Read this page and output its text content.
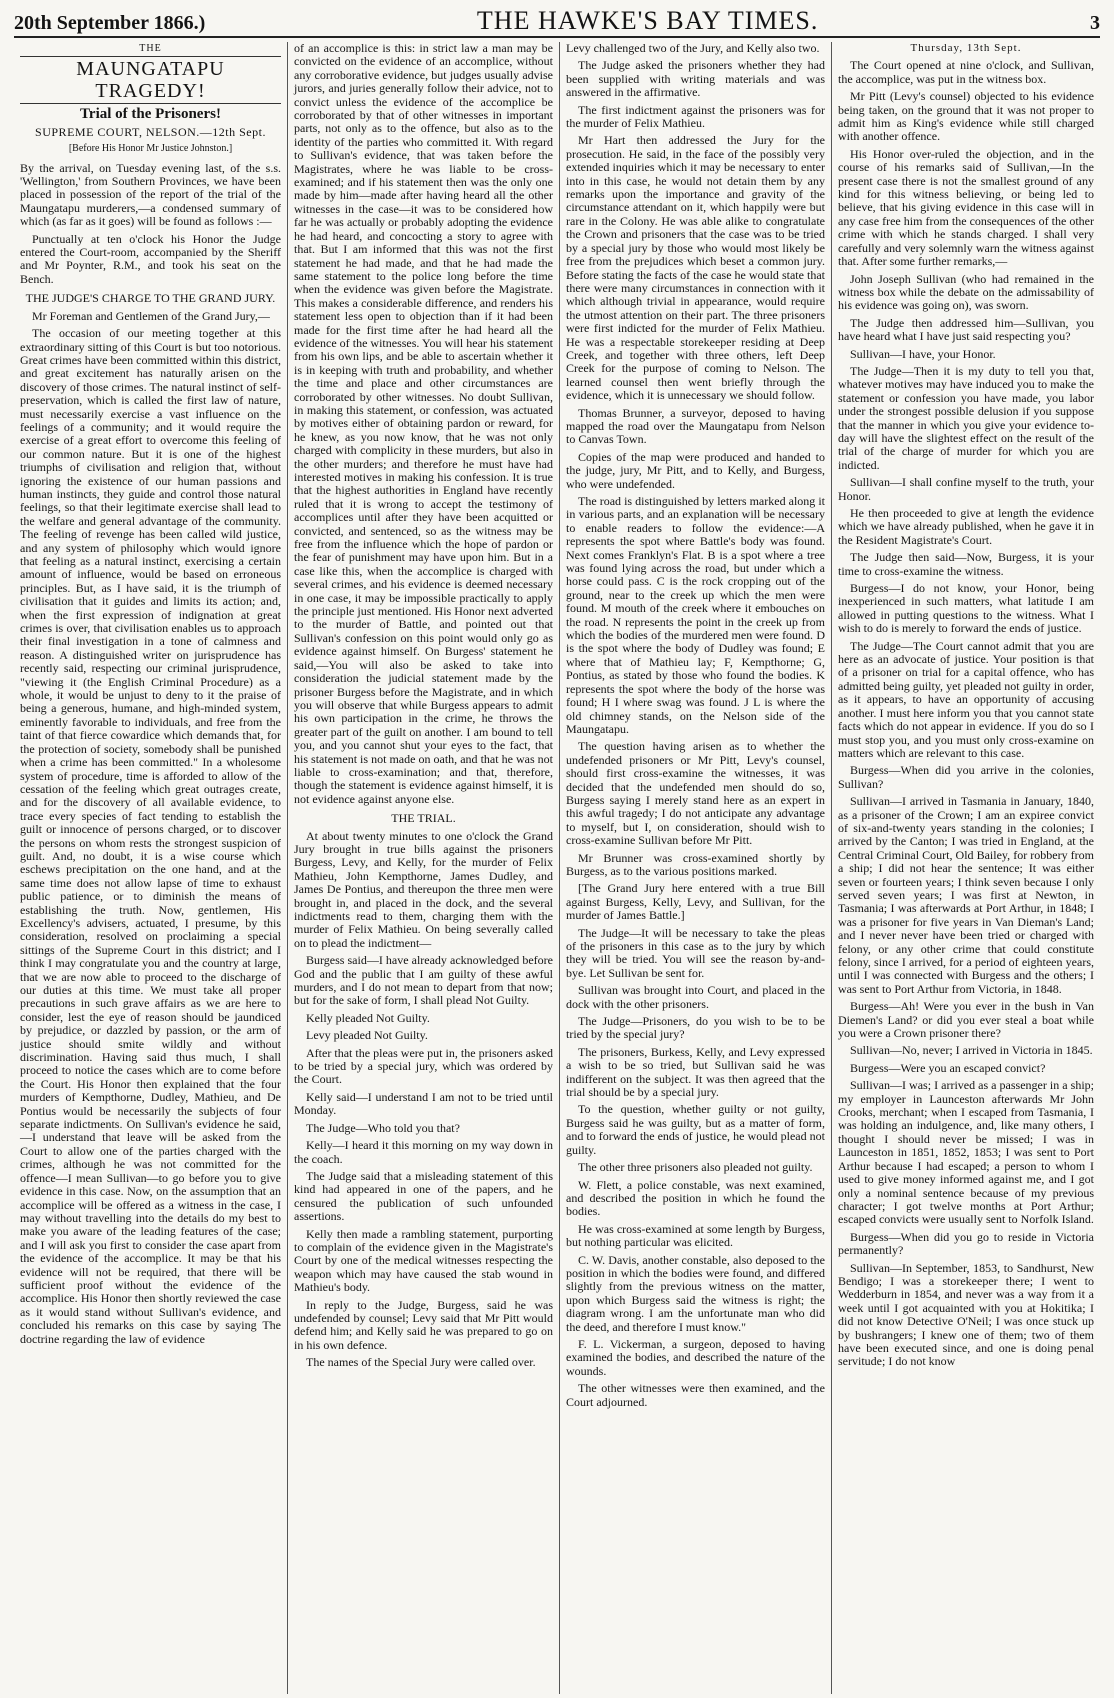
20th September 1866.)	THE HAWKE'S BAY TIMES.	3
THE
MAUNGATAPU TRAGEDY!
Trial of the Prisoners!
SUPREME COURT, NELSON.—12th Sept.
[Before His Honor Mr Justice Johnston.]

By the arrival, on Tuesday evening last, of the s.s. 'Wellington,' from Southern Provinces, we have been placed in possession of the report of the trial of the Maungatapu murderers,—a condensed summary of which (as far as it goes) will be found as follows :—

Punctually at ten o'clock his Honor the Judge entered the Court-room, accompanied by the Sheriff and Mr Poynter, R.M., and took his seat on the Bench.

THE JUDGE'S CHARGE TO THE GRAND JURY.

Mr Foreman and Gentlemen of the Grand Jury,—

The occasion of our meeting together at this extraordinary sitting of this Court is but too notorious. Great crimes have been committed within this district, and great excitement has naturally arisen on the discovery of those crimes. The natural instinct of self-preservation, which is called the first law of nature, must necessarily exercise a vast influence on the feelings of a community; and it would require the exercise of a great effort to overcome this feeling of our common nature. But it is one of the highest triumphs of civilisation and religion that, without ignoring the existence of our human passions and human instincts, they guide and control those natural feelings, so that their legitimate exercise shall lead to the welfare and general advantage of the community. The feeling of revenge has been called wild justice, and any system of philosophy which would ignore that feeling as a natural instinct, exercising a certain amount of influence, would be based on erroneous principles. But, as I have said, it is the triumph of civilisation that it guides and limits its action; and, when the first expression of indignation at great crimes is over, that civilisation enables us to approach their final investigation in a tone of calmness and reason. A distinguished writer on jurisprudence has recently said, respecting our criminal jurisprudence, "viewing it (the English Criminal Procedure) as a whole, it would be unjust to deny to it the praise of being a generous, humane, and high-minded system, eminently favorable to individuals, and free from the taint of that fierce cowardice which demands that, for the protection of society, somebody shall be punished when a crime has been committed." In a wholesome system of procedure, time is afforded to allow of the cessation of the feeling which great outrages create, and for the discovery of all available evidence, to trace every species of fact tending to establish the guilt or innocence of persons charged, or to discover the persons on whom rests the strongest suspicion of guilt. And, no doubt, it is a wise course which eschews precipitation on the one hand, and at the same time does not allow lapse of time to exhaust public patience, or to diminish the means of establishing the truth. Now, gentlemen, His Excellency's advisers, actuated, I presume, by this consideration, resolved on proclaiming a special sittings of the Supreme Court in this district; and I think I may congratulate you and the country at large, that we are now able to proceed to the discharge of our duties at this time. We must take all proper precautions in such grave affairs as we are here to consider, lest the eye of reason should be jaundiced by prejudice, or dazzled by passion, or the arm of justice should smite wildly and without discrimination. Having said thus much, I shall proceed to notice the cases which are to come before the Court. His Honor then explained that the four murders of Kempthorne, Dudley, Mathieu, and De Pontius would be necessarily the subjects of four separate indictments. On Sullivan's evidence he said,—I understand that leave will be asked from the Court to allow one of the parties charged with the crimes, although he was not committed for the offence—I mean Sullivan—to go before you to give evidence in this case. Now, on the assumption that an accomplice will be offered as a witness in the case, I may without travelling into the details do my best to make you aware of the leading features of the case; and I will ask you first to consider the case apart from the evidence of the accomplice. It may be that his evidence will not be required, that there will be sufficient proof without the evidence of the accomplice. His Honor then shortly reviewed the case as it would stand without Sullivan's evidence, and concluded his remarks on this case by saying The doctrine regarding the law of evidence

of an accomplice is this: in strict law a man may be convicted on the evidence of an accomplice, without any corroborative evidence, but judges usually advise jurors, and juries generally follow their advice, not to convict unless the evidence of the accomplice be corroborated by that of other witnesses in important parts, not only as to the offence, but also as to the identity of the parties who committed it. With regard to Sullivan's evidence, that was taken before the Magistrates, where he was liable to be cross-examined; and if his statement then was the only one made by him—made after having heard all the other witnesses in the case—it was to be considered how far he was actually or probably adopting the evidence he had heard, and concocting a story to agree with that. But I am informed that this was not the first statement he had made, and that he had made the same statement to the police long before the time when the evidence was given before the Magistrate. This makes a considerable difference, and renders his statement less open to objection than if it had been made for the first time after he had heard all the evidence of the witnesses. You will hear his statement from his own lips, and be able to ascertain whether it is in keeping with truth and probability, and whether the time and place and other circumstances are corroborated by other witnesses. No doubt Sullivan, in making this statement, or confession, was actuated by motives either of obtaining pardon or reward, for he knew, as you now know, that he was not only charged with complicity in these murders, but also in the other murders; and therefore he must have had interested motives in making his confession. It is true that the highest authorities in England have recently ruled that it is wrong to accept the testimony of accomplices until after they have been acquitted or convicted, and sentenced, so as the witness may be free from the influence which the hope of pardon or the fear of punishment may have upon him. But in a case like this, when the accomplice is charged with several crimes, and his evidence is deemed necessary in one case, it may be impossible practically to apply the principle just mentioned. His Honor next adverted to the murder of Battle, and pointed out that Sullivan's confession on this point would only go as evidence against himself. On Burgess' statement he said,—You will also be asked to take into consideration the judicial statement made by the prisoner Burgess before the Magistrate, and in which you will observe that while Burgess appears to admit his own participation in the crime, he throws the greater part of the guilt on another. I am bound to tell you, and you cannot shut your eyes to the fact, that his statement is not made on oath, and that he was not liable to cross-examination; and that, therefore, though the statement is evidence against himself, it is not evidence against anyone else.

THE TRIAL.

At about twenty minutes to one o'clock the Grand Jury brought in true bills against the prisoners Burgess, Levy, and Kelly, for the murder of Felix Mathieu, John Kempthorne, James Dudley, and James De Pontius, and thereupon the three men were brought in, and placed in the dock, and the several indictments read to them, charging them with the murder of Felix Mathieu. On being severally called on to plead the indictment—

Burgess said—I have already acknowledged before God and the public that I am guilty of these awful murders, and I do not mean to depart from that now; but for the sake of form, I shall plead Not Guilty.

Kelly pleaded Not Guilty.

Levy pleaded Not Guilty.

After that the pleas were put in, the prisoners asked to be tried by a special jury, which was ordered by the Court.

Kelly said—I understand I am not to be tried until Monday.

The Judge—Who told you that?

Kelly—I heard it this morning on my way down in the coach.

The Judge said that a misleading statement of this kind had appeared in one of the papers, and he censured the publication of such unfounded assertions.

Kelly then made a rambling statement, purporting to complain of the evidence given in the Magistrate's Court by one of the medical witnesses respecting the weapon which may have caused the stab wound in Mathieu's body.

In reply to the Judge, Burgess, said he was undefended by counsel; Levy said that Mr Pitt would defend him; and Kelly said he was prepared to go on in his own defence.

The names of the Special Jury were called over.

Levy challenged two of the Jury, and Kelly also two.

The Judge asked the prisoners whether they had been supplied with writing materials and was answered in the affirmative.

The first indictment against the prisoners was for the murder of Felix Mathieu.

Mr Hart then addressed the Jury for the prosecution. He said, in the face of the possibly very extended inquiries which it may be necessary to enter into in this case, he would not detain them by any remarks upon the importance and gravity of the circumstance attendant on it, which happily were but rare in the Colony. He was able alike to congratulate the Crown and prisoners that the case was to be tried by a special jury by those who would most likely be free from the prejudices which beset a common jury. Before stating the facts of the case he would state that there were many circumstances in connection with it which although trivial in appearance, would require the utmost attention on their part. The three prisoners were first indicted for the murder of Felix Mathieu. He was a respectable storekeeper residing at Deep Creek, and together with three others, left Deep Creek for the purpose of coming to Nelson. The learned counsel then went briefly through the evidence, which it is unnecessary we should follow.

Thomas Brunner, a surveyor, deposed to having mapped the road over the Maungatapu from Nelson to Canvas Town.

Copies of the map were produced and handed to the judge, jury, Mr Pitt, and to Kelly, and Burgess, who were undefended.

The road is distinguished by letters marked along it in various parts, and an explanation will be necessary to enable readers to follow the evidence:—A represents the spot where Battle's body was found. Next comes Franklyn's Flat. B is a spot where a tree was found lying across the road, but under which a horse could pass. C is the rock cropping out of the ground, near to the creek up which the men were found. M mouth of the creek where it embouches on the road. N represents the point in the creek up from which the bodies of the murdered men were found. D is the spot where the body of Dudley was found; E where that of Mathieu lay; F, Kempthorne; G, Pontius, as stated by those who found the bodies. K represents the spot where the body of the horse was found; H I where swag was found. J L is where the old chimney stands, on the Nelson side of the Maungatapu.

The question having arisen as to whether the undefended prisoners or Mr Pitt, Levy's counsel, should first cross-examine the witnesses, it was decided that the undefended men should do so, Burgess saying I merely stand here as an expert in this awful tragedy; I do not anticipate any advantage to myself, but I, on consideration, should wish to cross-examine Sullivan before Mr Pitt.

Mr Brunner was cross-examined shortly by Burgess, as to the various positions marked.

[The Grand Jury here entered with a true Bill against Burgess, Kelly, Levy, and Sullivan, for the murder of James Battle.]

The Judge—It will be necessary to take the pleas of the prisoners in this case as to the jury by which they will be tried. You will see the reason by-and-bye. Let Sullivan be sent for.

Sullivan was brought into Court, and placed in the dock with the other prisoners.

The Judge—Prisoners, do you wish to be to be tried by the special jury?

The prisoners, Burkess, Kelly, and Levy expressed a wish to be so tried, but Sullivan said he was indifferent on the subject. It was then agreed that the trial should be by a special jury.

To the question, whether guilty or not guilty, Burgess said he was guilty, but as a matter of form, and to forward the ends of justice, he would plead not guilty.

The other three prisoners also pleaded not guilty.

W. Flett, a police constable, was next examined, and described the position in which he found the bodies.

He was cross-examined at some length by Burgess, but nothing particular was elicited.

C. W. Davis, another constable, also deposed to the position in which the bodies were found, and differed slightly from the previous witness on the matter, upon which Burgess said the witness is right; the diagram wrong. I am the unfortunate man who did the deed, and therefore I must know."

F. L. Vickerman, a surgeon, deposed to having examined the bodies, and described the nature of the wounds.

The other witnesses were then examined, and the Court adjourned.

Thursday, 13th Sept.

The Court opened at nine o'clock, and Sullivan, the accomplice, was put in the witness box.

Mr Pitt (Levy's counsel) objected to his evidence being taken, on the ground that it was not proper to admit him as King's evidence while still charged with another offence.

His Honor over-ruled the objection, and in the course of his remarks said of Sullivan,—In the present case there is not the smallest ground of any kind for this witness believing, or being led to believe, that his giving evidence in this case will in any case free him from the consequences of the other crime with which he stands charged. I shall very carefully and very solemnly warn the witness against that. After some further remarks,—

John Joseph Sullivan (who had remained in the witness box while the debate on the admissability of his evidence was going on), was sworn.

The Judge then addressed him—Sullivan, you have heard what I have just said respecting you?

Sullivan—I have, your Honor.

The Judge—Then it is my duty to tell you that, whatever motives may have induced you to make the statement or confession you have made, you labor under the strongest possible delusion if you suppose that the manner in which you give your evidence to-day will have the slightest effect on the result of the trial of the charge of murder for which you are indicted.

Sullivan—I shall confine myself to the truth, your Honor.

He then proceeded to give at length the evidence which we have already published, when he gave it in the Resident Magistrate's Court.

The Judge then said—Now, Burgess, it is your time to cross-examine the witness.

Burgess—I do not know, your Honor, being inexperienced in such matters, what latitude I am allowed in putting questions to the witness. What I wish to do is merely to forward the ends of justice.

The Judge—The Court cannot admit that you are here as an advocate of justice. Your position is that of a prisoner on trial for a capital offence, who has admitted being guilty, yet pleaded not guilty in order, as it appears, to have an opportunity of accusing another. I must here inform you that you cannot state facts which do not appear in evidence. If you do so I must stop you, and you must only cross-examine on matters which are relevant to this case.

Burgess—When did you arrive in the colonies, Sullivan?

Sullivan—I arrived in Tasmania in January, 1840, as a prisoner of the Crown; I am an expiree convict of six-and-twenty years standing in the colonies; I arrived by the Canton; I was tried in England, at the Central Criminal Court, Old Bailey, for robbery from a ship; I did not hear the sentence; It was either seven or fourteen years; I think seven because I only served seven years; I was first at Newton, in Tasmania; I was afterwards at Port Arthur, in 1848; I was a prisoner for five years in Van Dieman's Land; and I never never have been tried or charged with felony, or any other crime that could constitute felony, since I arrived, for a period of eighteen years, until I was connected with Burgess and the others; I was sent to Port Arthur from Victoria, in 1848.

Burgess—Ah! Were you ever in the bush in Van Diemen's Land? or did you ever steal a boat while you were a Crown prisoner there?

Sullivan—No, never; I arrived in Victoria in 1845.

Burgess—Were you an escaped convict?

Sullivan—I was; I arrived as a passenger in a ship; my employer in Launceston afterwards Mr John Crooks, merchant; when I escaped from Tasmania, I was holding an indulgence, and, like many others, I thought I should never be missed; I was in Launceston in 1851, 1852, 1853; I was sent to Port Arthur because I had escaped; a person to whom I used to give money informed against me, and I got only a nominal sentence because of my previous character; I got twelve months at Port Arthur; escaped convicts were usually sent to Norfolk Island.

Burgess—When did you go to reside in Victoria permanently?

Sullivan—In September, 1853, to Sandhurst, New Bendigo; I was a storekeeper there; I went to Wedderburn in 1854, and never was a way from it a week until I got acquainted with you at Hokitika; I did not know Detective O'Neil; I was once stuck up by bushrangers; I knew one of them; two of them have been executed since, and one is doing penal servitude; I do not know
